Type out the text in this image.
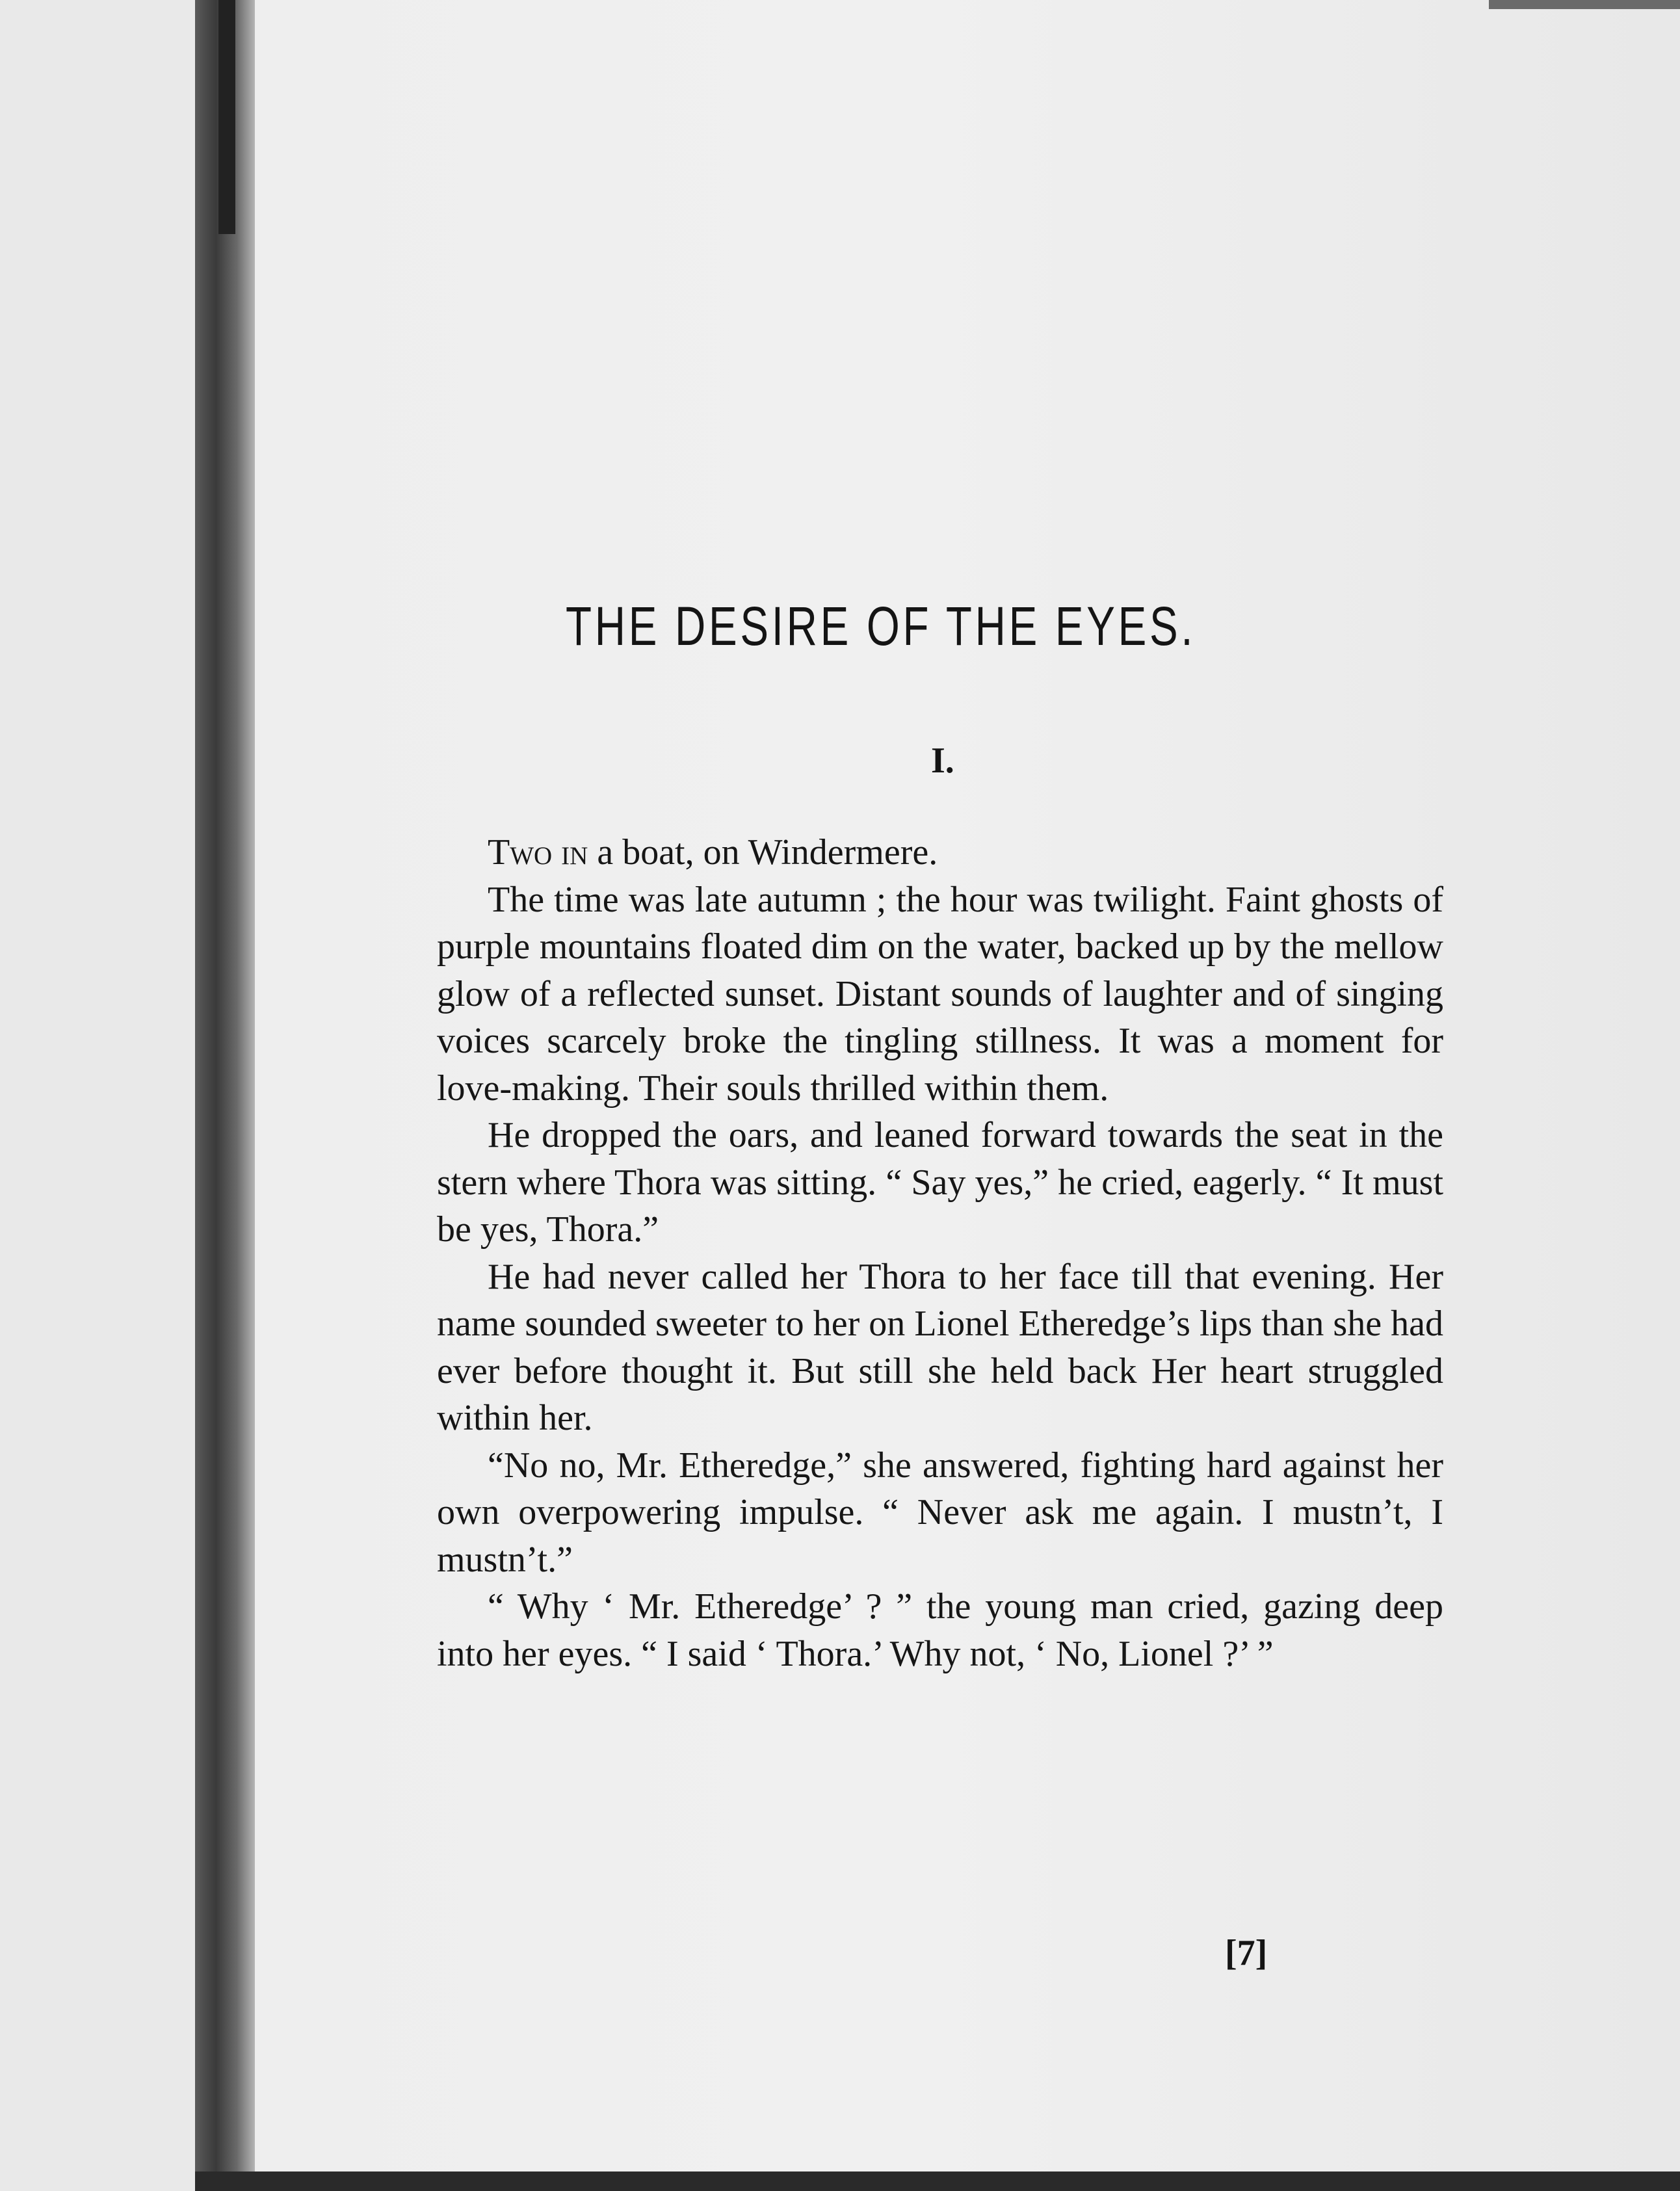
THE DESIRE OF THE EYES.
I.

Two in a boat, on Windermere.

The time was late autumn ; the hour was twilight. Faint ghosts of purple mountains floated dim on the water, backed up by the mellow glow of a reflected sunset. Distant sounds of laughter and of singing voices scarcely broke the tingling stillness. It was a moment for love-making. Their souls thrilled within them.

He dropped the oars, and leaned forward towards the seat in the stern where Thora was sitting. “ Say yes,” he cried, eagerly. “ It must be yes, Thora.”

He had never called her Thora to her face till that evening. Her name sounded sweeter to her on Lionel Etheredge’s lips than she had ever before thought it. But still she held back Her heart struggled within her.

“No no, Mr. Etheredge,” she answered, fighting hard against her own overpowering impulse. “ Never ask me again. I mustn’t, I mustn’t.”

“ Why ‘ Mr. Etheredge’ ? ” the young man cried, gazing deep into her eyes. “ I said ‘ Thora.’ Why not, ‘ No, Lionel ?’ ”

[7]
